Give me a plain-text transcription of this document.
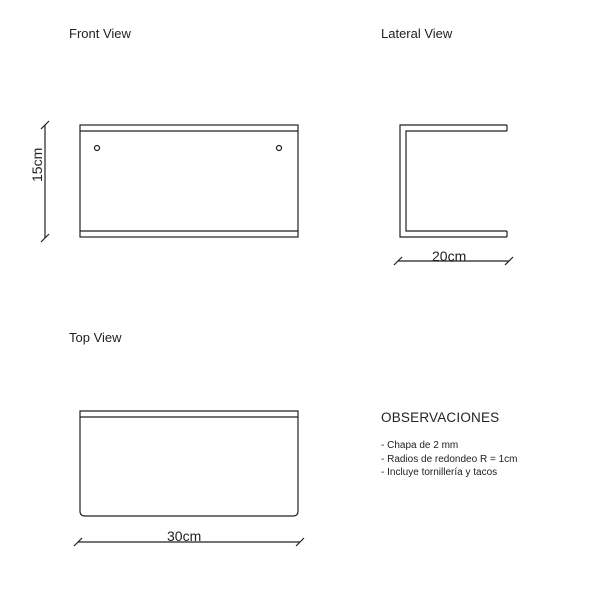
Front View	Lateral View
Top View
15cm
20cm
30cm
OBSERVACIONES
- Chapa de 2 mm
- Radios de redondeo R = 1cm
- Incluye tornillería y tacos
